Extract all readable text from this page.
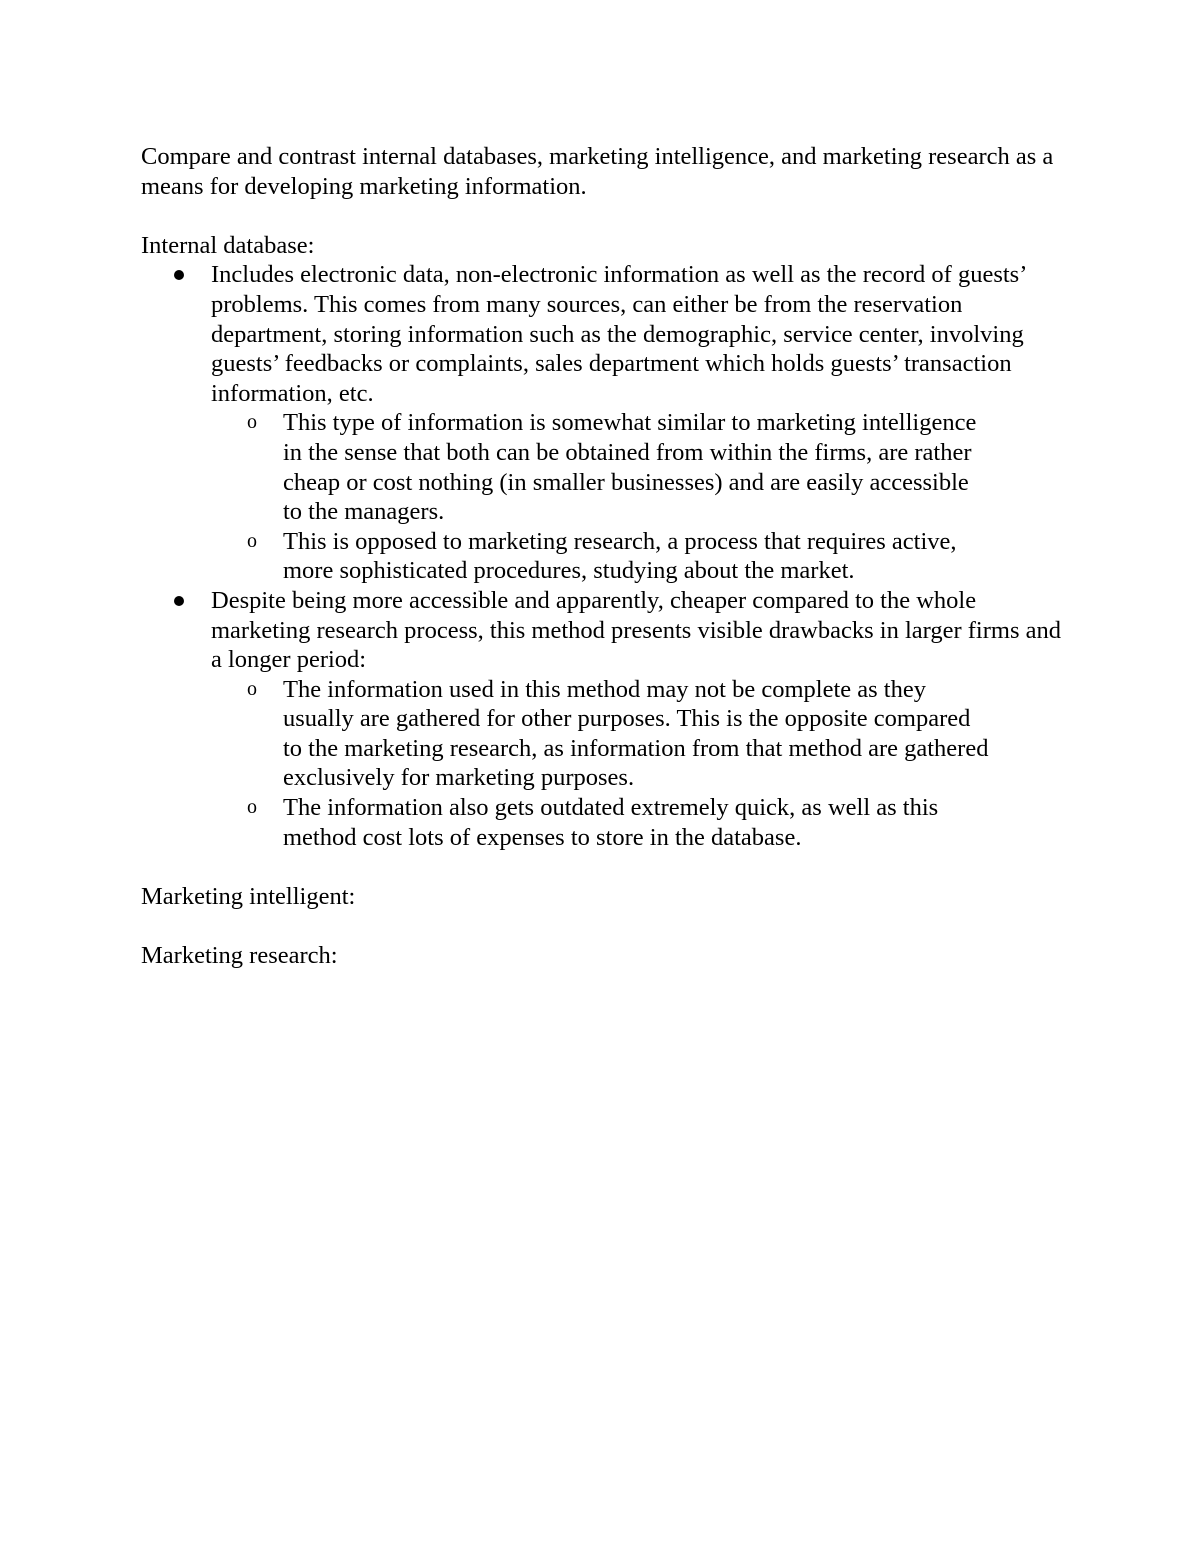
Compare and contrast internal databases, marketing intelligence, and marketing research as a means for developing marketing information.

Internal database:

Includes electronic data, non-electronic information as well as the record of guests’ problems. This comes from many sources, can either be from the reservation department, storing information such as the demographic, service center, involving guests’ feedbacks or complaints, sales department which holds guests’ transaction information, etc.
o This type of information is somewhat similar to marketing intelligence in the sense that both can be obtained from within the firms, are rather cheap or cost nothing (in smaller businesses) and are easily accessible to the managers.
o This is opposed to marketing research, a process that requires active, more sophisticated procedures, studying about the market.
Despite being more accessible and apparently, cheaper compared to the whole marketing research process, this method presents visible drawbacks in larger firms and a longer period:
o The information used in this method may not be complete as they usually are gathered for other purposes. This is the opposite compared to the marketing research, as information from that method are gathered exclusively for marketing purposes.
o The information also gets outdated extremely quick, as well as this method cost lots of expenses to store in the database.

Marketing intelligent:

Marketing research:
